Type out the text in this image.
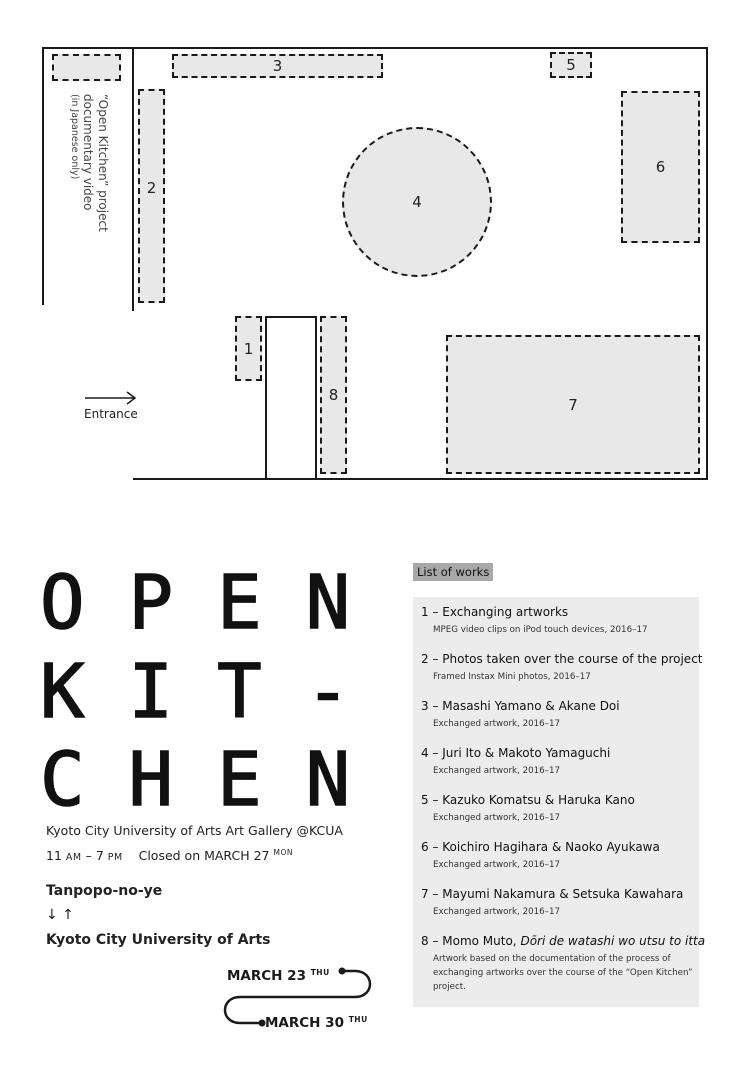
3	5
2
4
6
1
8
7
“Open Kitchen” project
documentary video
(in Japanese only)
Entrance
OPEN
KIT-
CHEN
Kyoto City University of Arts Art Gallery @KCUA
11 AM – 7 PM Closed on MARCH 27 $^{MON}$
Tanpopo-no-ye
↓ ↑
Kyoto City University of Arts
MARCH 23 $^{THU}$
MARCH 30 $^{THU}$
List of works
1 – Exchanging artworks
MPEG video clips on iPod touch devices, 2016–17
2 – Photos taken over the course of the project
Framed Instax Mini photos, 2016–17
3 – Masashi Yamano & Akane Doi
Exchanged artwork, 2016–17
4 – Juri Ito & Makoto Yamaguchi
Exchanged artwork, 2016–17
5 – Kazuko Komatsu & Haruka Kano
Exchanged artwork, 2016–17
6 – Koichiro Hagihara & Naoko Ayukawa
Exchanged artwork, 2016–17
7 – Mayumi Nakamura & Setsuka Kawahara
Exchanged artwork, 2016–17
8 – Momo Muto, Dōri de watashi wo utsu to itta
Artwork based on the documentation of the process of exchanging artworks over the course of the “Open Kitchen” project.
